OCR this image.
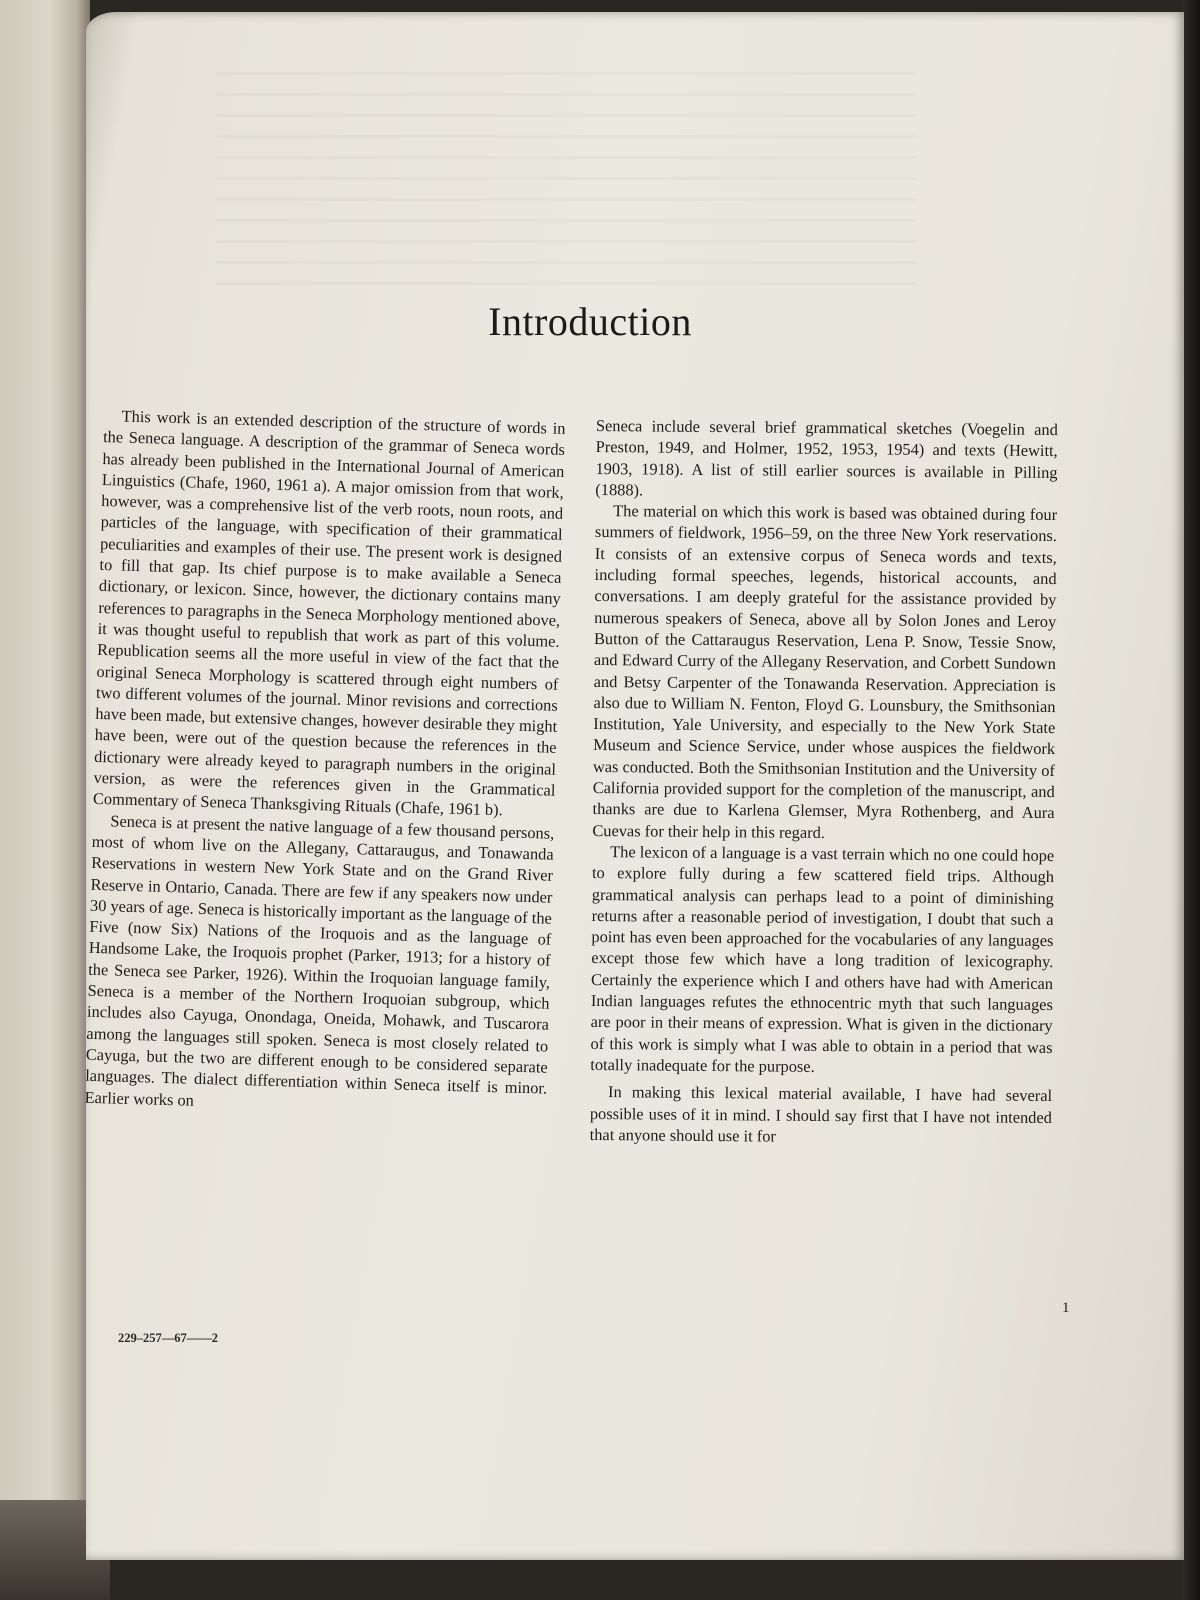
Introduction

This work is an extended description of the structure of words in the Seneca language. A description of the grammar of Seneca words has already been published in the International Journal of American Linguistics (Chafe, 1960, 1961 a). A major omission from that work, however, was a comprehensive list of the verb roots, noun roots, and particles of the language, with specification of their grammatical peculiarities and examples of their use. The present work is designed to fill that gap. Its chief purpose is to make available a Seneca dictionary, or lexicon. Since, however, the dictionary contains many references to paragraphs in the Seneca Morphology mentioned above, it was thought useful to republish that work as part of this volume. Republication seems all the more useful in view of the fact that the original Seneca Morphology is scattered through eight numbers of two different volumes of the journal. Minor revisions and corrections have been made, but extensive changes, however desirable they might have been, were out of the question because the references in the dictionary were already keyed to paragraph numbers in the original version, as were the references given in the Grammatical Commentary of Seneca Thanksgiving Rituals (Chafe, 1961 b).

Seneca is at present the native language of a few thousand persons, most of whom live on the Allegany, Cattaraugus, and Tonawanda Reservations in western New York State and on the Grand River Reserve in Ontario, Canada. There are few if any speakers now under 30 years of age. Seneca is historically important as the language of the Five (now Six) Nations of the Iroquois and as the language of Handsome Lake, the Iroquois prophet (Parker, 1913; for a history of the Seneca see Parker, 1926). Within the Iroquoian language family, Seneca is a member of the Northern Iroquoian subgroup, which includes also Cayuga, Onondaga, Oneida, Mohawk, and Tuscarora among the languages still spoken. Seneca is most closely related to Cayuga, but the two are different enough to be considered separate languages. The dialect differentiation within Seneca itself is minor. Earlier works on

Seneca include several brief grammatical sketches (Voegelin and Preston, 1949, and Holmer, 1952, 1953, 1954) and texts (Hewitt, 1903, 1918). A list of still earlier sources is available in Pilling (1888).

The material on which this work is based was obtained during four summers of fieldwork, 1956–59, on the three New York reservations. It consists of an extensive corpus of Seneca words and texts, including formal speeches, legends, historical accounts, and conversations. I am deeply grateful for the assistance provided by numerous speakers of Seneca, above all by Solon Jones and Leroy Button of the Cattaraugus Reservation, Lena P. Snow, Tessie Snow, and Edward Curry of the Allegany Reservation, and Corbett Sundown and Betsy Carpenter of the Tonawanda Reservation. Appreciation is also due to William N. Fenton, Floyd G. Lounsbury, the Smithsonian Institution, Yale University, and especially to the New York State Museum and Science Service, under whose auspices the fieldwork was conducted. Both the Smithsonian Institution and the University of California provided support for the completion of the manuscript, and thanks are due to Karlena Glemser, Myra Rothenberg, and Aura Cuevas for their help in this regard.

The lexicon of a language is a vast terrain which no one could hope to explore fully during a few scattered field trips. Although grammatical analysis can perhaps lead to a point of diminishing returns after a reasonable period of investigation, I doubt that such a point has even been approached for the vocabularies of any languages except those few which have a long tradition of lexicography. Certainly the experience which I and others have had with American Indian languages refutes the ethnocentric myth that such languages are poor in their means of expression. What is given in the dictionary of this work is simply what I was able to obtain in a period that was totally inadequate for the purpose.

In making this lexical material available, I have had several possible uses of it in mind. I should say first that I have not intended that anyone should use it for

1
229–257—67——2
